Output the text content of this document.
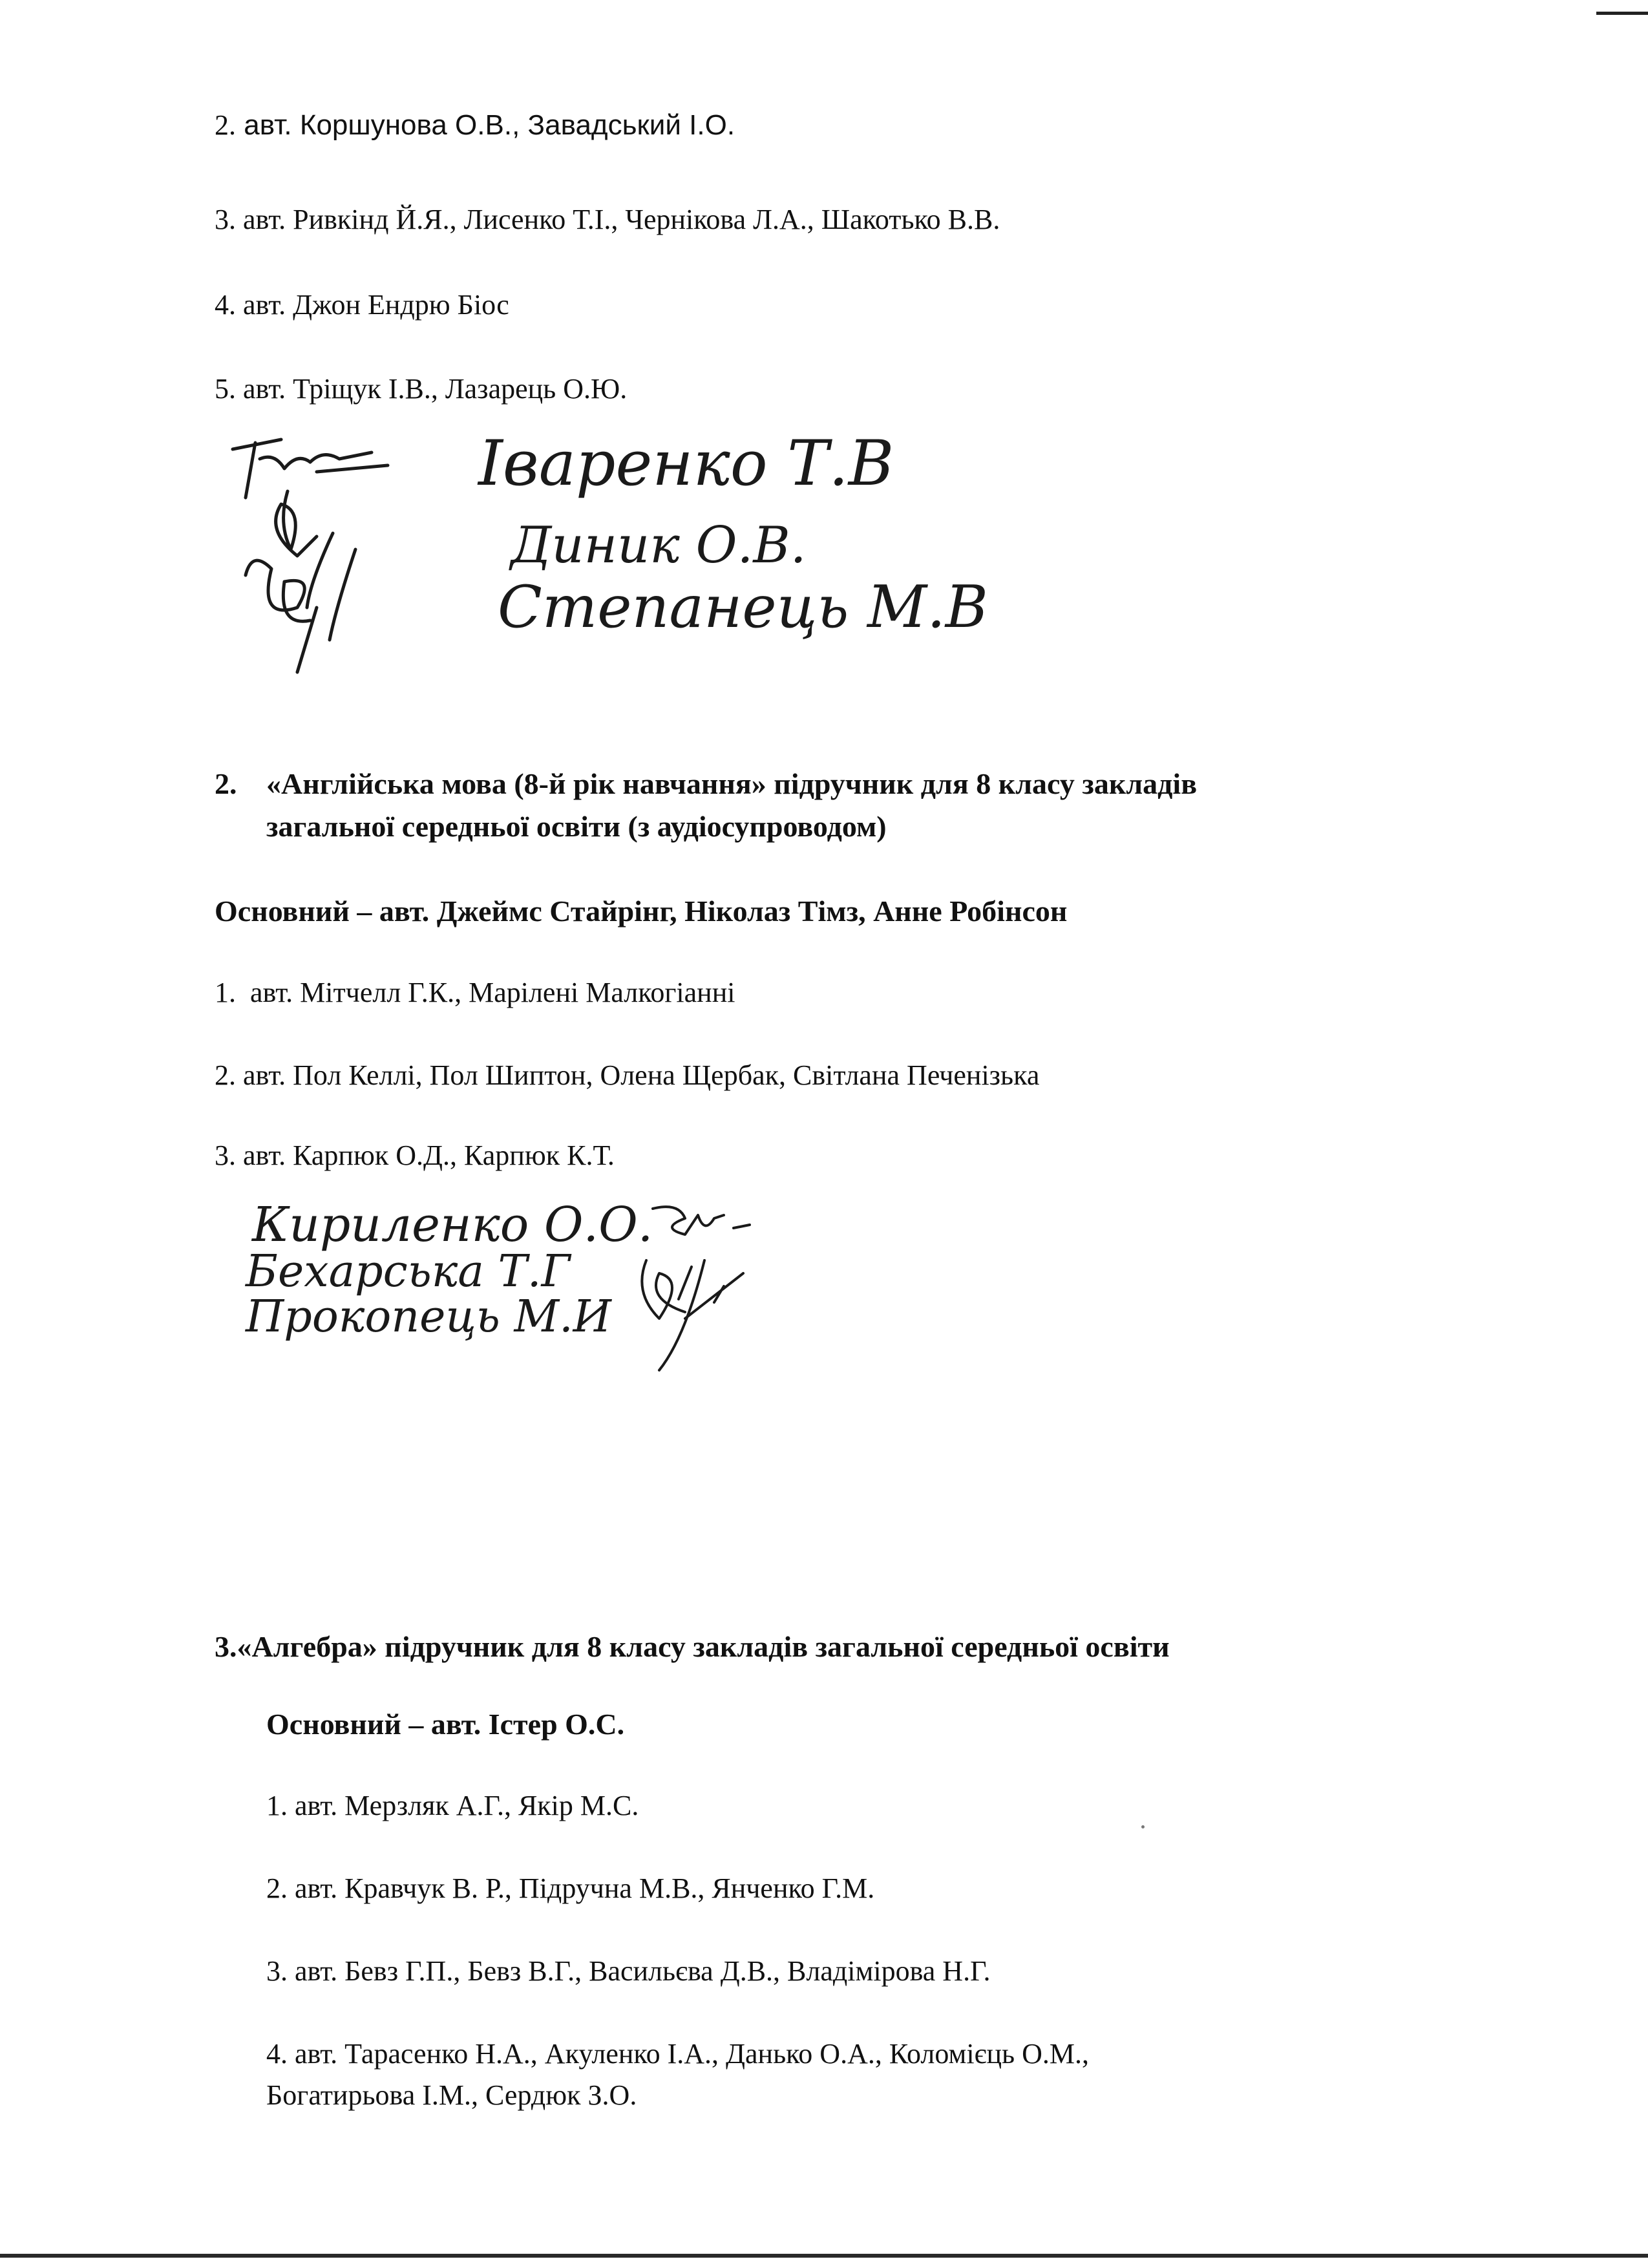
2. авт. Коршунова О.В., Завадський І.О.
3. авт. Ривкінд Й.Я., Лисенко Т.І., Чернікова Л.А., Шакотько В.В.
4. авт. Джон Ендрю Біос
5. авт. Тріщук І.В., Лазарець О.Ю.
Іваренко Т.В
Диник О.В.
Степанець М.В
2. «Англійська мова (8-й рік навчання» підручник для 8 класу закладів
загальної середньої освіти (з аудіосупроводом)
Основний – авт. Джеймс Стайрінг, Ніколаз Тімз, Анне Робінсон
1. авт. Мітчелл Г.К., Марілені Малкогіанні
2. авт. Пол Келлі, Пол Шиптон, Олена Щербак, Світлана Печенізька
3. авт. Карпюк О.Д., Карпюк К.Т.
Кириленко О.О.
Бехарська Т.Г
Прокопець М.И
3.«Алгебра» підручник для 8 класу закладів загальної середньої освіти
Основний – авт. Істер О.С.
1. авт. Мерзляк А.Г., Якір М.С.
2. авт. Кравчук В. Р., Підручна М.В., Янченко Г.М.
3. авт. Бевз Г.П., Бевз В.Г., Васильєва Д.В., Владімірова Н.Г.
4. авт. Тарасенко Н.А., Акуленко І.А., Данько О.А., Коломієць О.М.,
Богатирьова І.М., Сердюк З.О.
